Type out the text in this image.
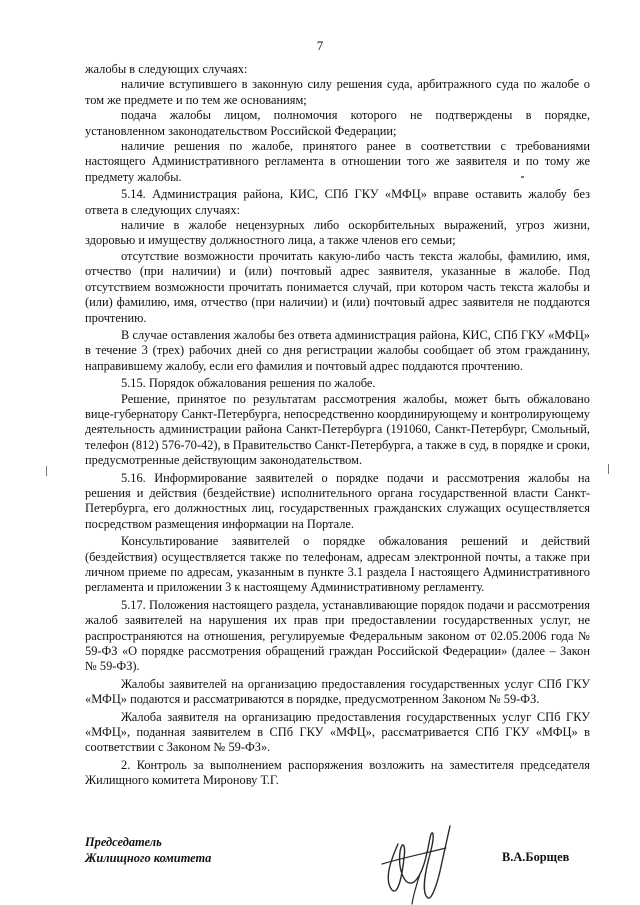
7

жалобы в следующих случаях:

наличие вступившего в законную силу решения суда, арбитражного суда по жалобе о том же предмете и по тем же основаниям;

подача жалобы лицом, полномочия которого не подтверждены в порядке, установленном законодательством Российской Федерации;

наличие решения по жалобе, принятого ранее в соответствии с требованиями настоящего Административного регламента в отношении того же заявителя и по тому же предмету жалобы.

5.14. Администрация района, КИС, СПб ГКУ «МФЦ» вправе оставить жалобу без ответа в следующих случаях:

наличие в жалобе нецензурных либо оскорбительных выражений, угроз жизни, здоровью и имуществу должностного лица, а также членов его семьи;

отсутствие возможности прочитать какую-либо часть текста жалобы, фамилию, имя, отчество (при наличии) и (или) почтовый адрес заявителя, указанные в жалобе. Под отсутствием возможности прочитать понимается случай, при котором часть текста жалобы и (или) фамилию, имя, отчество (при наличии) и (или) почтовый адрес заявителя не поддаются прочтению.

В случае оставления жалобы без ответа администрация района, КИС, СПб ГКУ «МФЦ» в течение 3 (трех) рабочих дней со дня регистрации жалобы сообщает об этом гражданину, направившему жалобу, если его фамилия и почтовый адрес поддаются прочтению.

5.15. Порядок обжалования решения по жалобе.

Решение, принятое по результатам рассмотрения жалобы, может быть обжаловано вице-губернатору Санкт-Петербурга, непосредственно координирующему и контролирующему деятельность администрации района Санкт-Петербурга (191060, Санкт-Петербург, Смольный, телефон (812) 576-70-42), в Правительство Санкт-Петербурга, а также в суд, в порядке и сроки, предусмотренные действующим законодательством.

5.16. Информирование заявителей о порядке подачи и рассмотрения жалобы на решения и действия (бездействие) исполнительного органа государственной власти Санкт-Петербурга, его должностных лиц, государственных гражданских служащих осуществляется посредством размещения информации на Портале.

Консультирование заявителей о порядке обжалования решений и действий (бездействия) осуществляется также по телефонам, адресам электронной почты, а также при личном приеме по адресам, указанным в пункте 3.1 раздела I настоящего Административного регламента и приложении 3 к настоящему Административному регламенту.

5.17. Положения настоящего раздела, устанавливающие порядок подачи и рассмотрения жалоб заявителей на нарушения их прав при предоставлении государственных услуг, не распространяются на отношения, регулируемые Федеральным законом от 02.05.2006 года № 59-ФЗ «О порядке рассмотрения обращений граждан Российской Федерации» (далее – Закон № 59-ФЗ).

Жалобы заявителей на организацию предоставления государственных услуг СПб ГКУ «МФЦ» подаются и рассматриваются в порядке, предусмотренном Законом № 59-ФЗ.

Жалоба заявителя на организацию предоставления государственных услуг СПб ГКУ «МФЦ», поданная заявителем в СПб ГКУ «МФЦ», рассматривается СПб ГКУ «МФЦ» в соответствии с Законом № 59-ФЗ».

2. Контроль за выполнением распоряжения возложить на заместителя председателя Жилищного комитета Миронову Т.Г.

Председатель
Жилищного комитета	В.А.Борщев
